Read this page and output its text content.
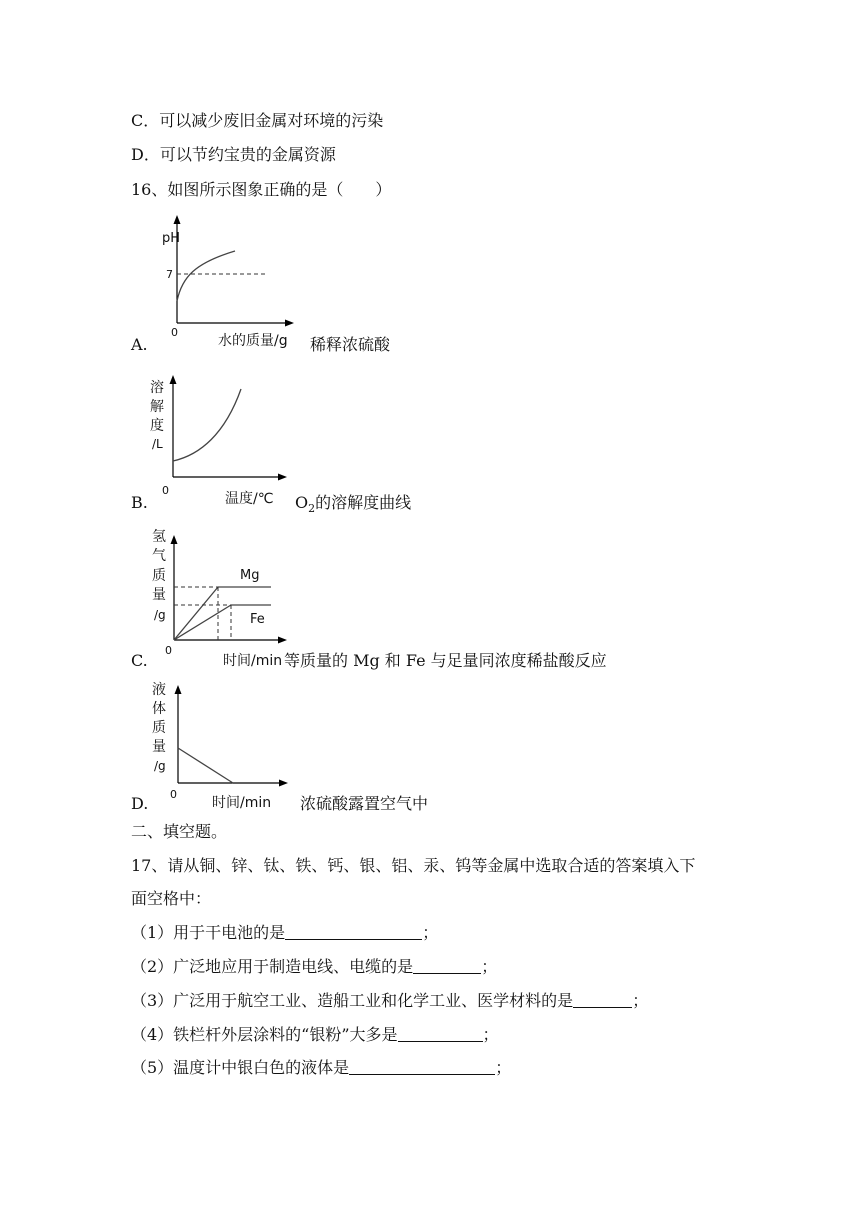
C．可以减少废旧金属对环境的污染
D．可以节约宝贵的金属资源
16、如图所示图象正确的是（　　）
A.
pH
7
0
水的质量/g 稀释浓硫酸
B.
溶
解
度
/L
0
温度/℃ $O_2$的溶解度曲线
C.
Mg
Fe
氢
气
质
量
/g
0
时间/min 等质量的 Mg 和 Fe 与足量同浓度稀盐酸反应
D.
液
体
质
量
/g
0
时间/min 浓硫酸露置空气中
二、填空题。
17、请从铜、锌、钛、铁、钙、银、铝、汞、钨等金属中选取合适的答案填入下
面空格中：
（1）用于干电池的是	；
（2）广泛地应用于制造电线、电缆的是	；
（3）广泛用于航空工业、造船工业和化学工业、医学材料的是	；
（4）铁栏杆外层涂料的“银粉”大多是	；
（5）温度计中银白色的液体是	；
